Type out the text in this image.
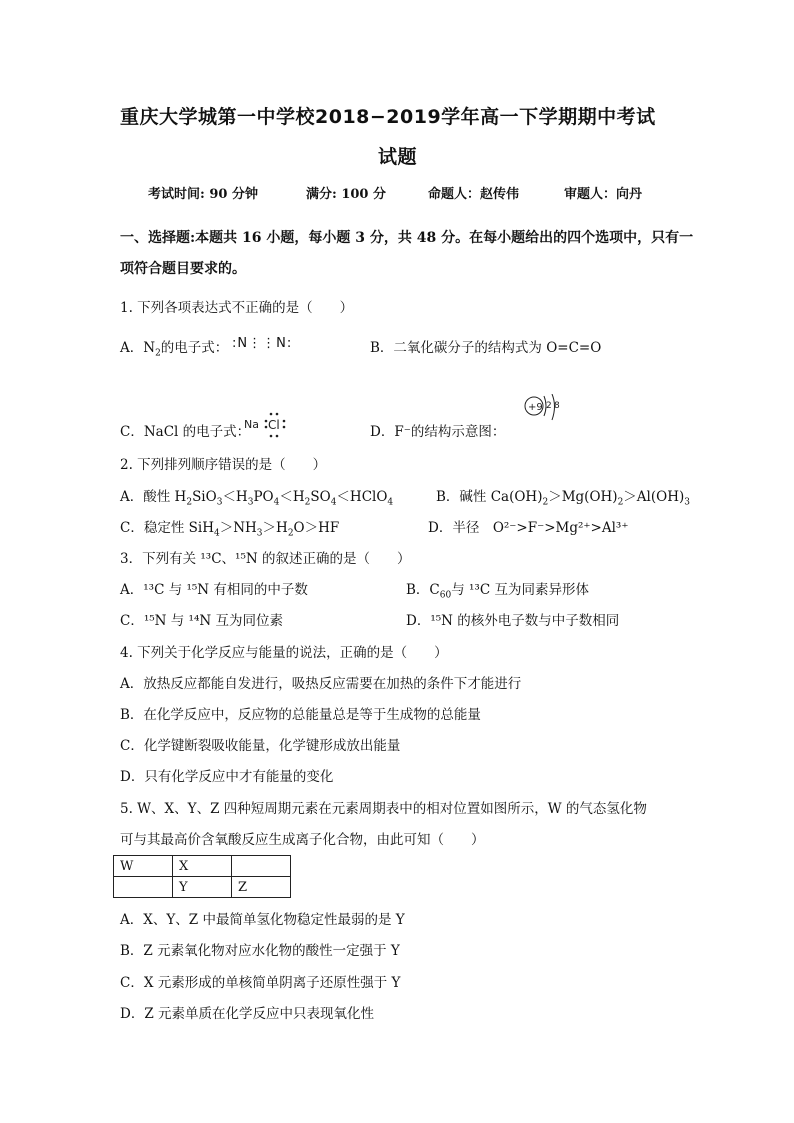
重庆大学城第一中学校2018−2019学年高一下学期期中考试
试题
考试时间: 90 分钟	满分: 100 分	命题人：赵传伟	审题人：向丹
一、选择题:本题共 16 小题，每小题 3 分，共 48 分。在每小题给出的四个选项中，只有一
项符合题目要求的。
1. 下列各项表达式不正确的是（　　）
A．$N_2$的电子式： :N⋮⋮N:	B．二氧化碳分子的结构式为 O=C=O
+9 2 8
C．NaCl 的电子式：
Na Cl	D．F⁻的结构示意图：
2. 下列排列顺序错误的是（　　）
A．酸性 $H_2SiO_3<H_3PO_4<H_2SO_4<HClO_4$	B．碱性 $Ca(OH)_2>Mg(OH)_2>Al(OH)_3$
C．稳定性 $SiH_4>NH_3>H_2O>HF$	D．半径　O²⁻>F⁻>Mg²⁺>Al³⁺
3．下列有关 ¹³C、¹⁵N 的叙述正确的是（　　）
A．¹³C 与 ¹⁵N 有相同的中子数	B．$C_{60}$与 ¹³C 互为同素异形体
C．¹⁵N 与 ¹⁴N 互为同位素	D．¹⁵N 的核外电子数与中子数相同
4. 下列关于化学反应与能量的说法，正确的是（　　）
A．放热反应都能自发进行，吸热反应需要在加热的条件下才能进行
B．在化学反应中，反应物的总能量总是等于生成物的总能量
C．化学键断裂吸收能量，化学键形成放出能量
D．只有化学反应中才有能量的变化
5. W、X、Y、Z 四种短周期元素在元素周期表中的相对位置如图所示，W 的气态氢化物
可与其最高价含氧酸反应生成离子化合物，由此可知（　　）
W	X	
	Y	Z
A．X、Y、Z 中最简单氢化物稳定性最弱的是 Y
B．Z 元素氧化物对应水化物的酸性一定强于 Y
C．X 元素形成的单核简单阴离子还原性强于 Y
D．Z 元素单质在化学反应中只表现氧化性
